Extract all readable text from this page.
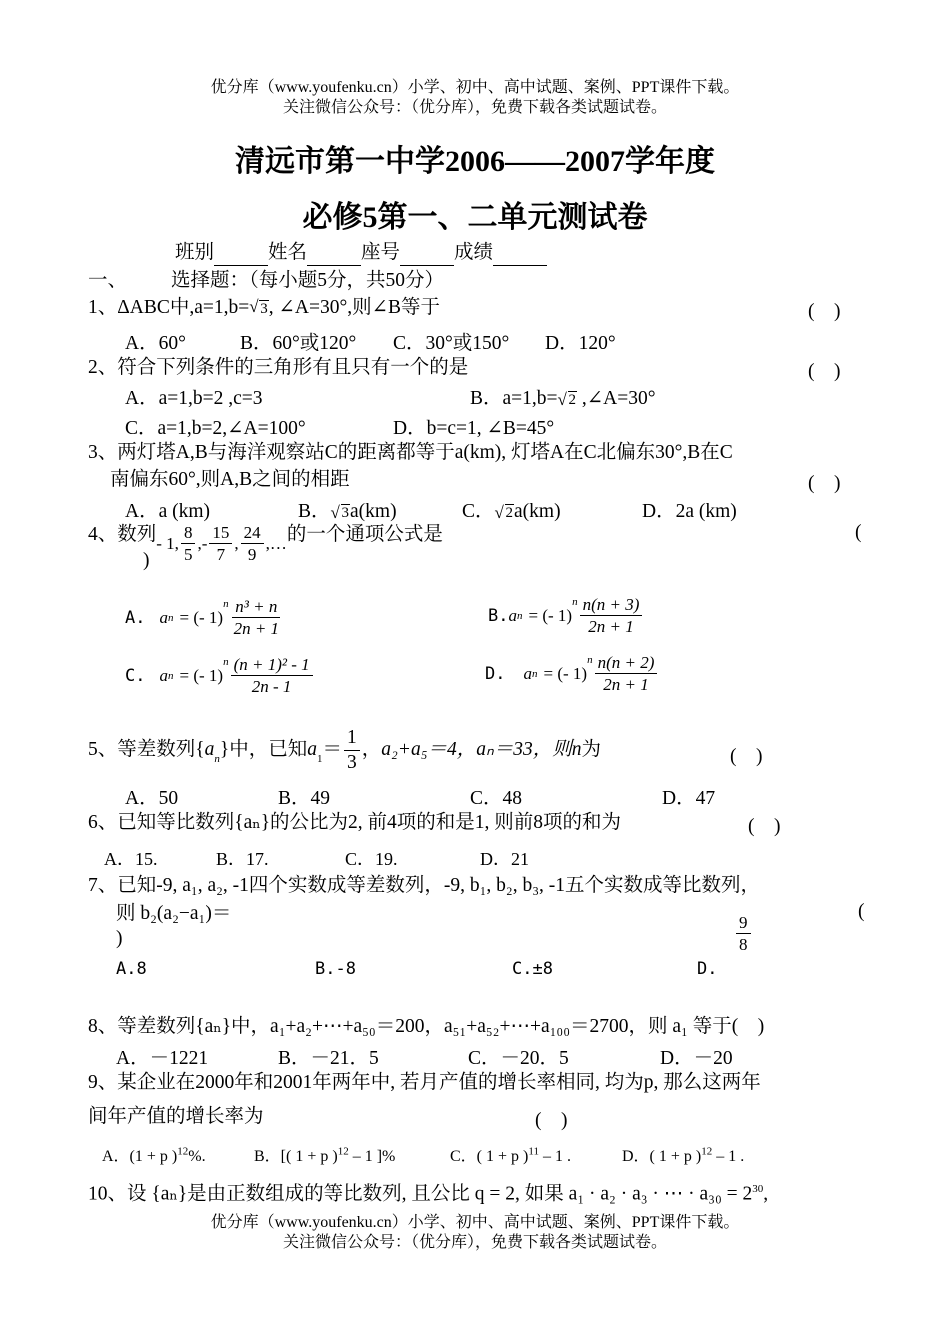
优分库（www.youfenku.cn）小学、初中、高中试题、案例、PPT课件下载。
关注微信公众号：（优分库），免费下载各类试题试卷。
清远市第一中学2006——2007学年度
必修5第一、二单元测试卷
班别	姓名	座号	成绩
一、 选择题：（每小题5分，共50分）
1、ΔABC中,a=1,b= √ 3, ∠A=30°,则∠B等于	(　)
A．60°	B．60°或120° C．30°或150° D．120°
2、符合下列条件的三角形有且只有一个的是	(　)
A．a=1,b=2 ,c=3	B．a=1,b= √ 2 ,∠A=30°
C．a=1,b=2,∠A=100°	D．b=c=1, ∠B=45°
3、两灯塔A,B与海洋观察站C的距离都等于a(km), 灯塔A在C北偏东30°,B在C
南偏东60°,则A,B之间的相距	(　)
A．a (km)	B． √ 3a(km)	C． √ 2a(km)	D．2a (km)
4、数列 - 1, $\frac{8}{5}$ ,- $\frac{15}{7}$ , $\frac{24}{9}$ ,… 的一个通项公式是	(
)
A. a n = (- 1)
$^n \frac{\text{n³ + n}}{2n + 1}$	B. a n = (- 1)
$^n \frac{n(n + 3)}{2n + 1}$
C. a n = (- 1)
$^n \frac{\text{(n + 1)² - 1}}{2n - 1}$	D. a n = (- 1)
$^n \frac{n(n + 2)}{2n + 1}$
5、等差数列{ $a_n$ }中，已知 $a_1 = \frac{1}{3}$ ， a₂+a₅＝4， aₙ＝33，则 n 为	(　)
A．50	B．49	C．48	D．47
6、已知等比数列{aₙ}的公比为2, 前4项的和是1, 则前8项的和为	(　)
A．15.	B．17.	C．19.	D．21
7、已知-9, a₁, a₂, -1四个实数成等差数列，-9, b₁, b₂, b₃, -1五个实数成等比数列，
则 b₂(a₂−a₁)＝	(
)
A.8	B.-8	C.±8	D.
$\frac{9}{8}$
8、等差数列{aₙ}中，a₁+a₂+⋯+a₅₀＝200，a₅₁+a₅₂+⋯+a₁₀₀＝2700，则 a₁ 等于(　)
A．－1221	B．－21．5	C．－20．5	D．－20
9、某企业在2000年和2001年两年中, 若月产值的增长率相同, 均为p, 那么这两年
间年产值的增长率为	(　)
A．(1 + p )$^{12}$%.	B．[( 1 + p )$^{12}$ – 1 ]%	C．( 1 + p )$^{11}$ – 1 .	D．( 1 + p )$^{12}$ – 1 .
10、设 {aₙ}是由正数组成的等比数列, 且公比 q = 2, 如果 a₁ · a₂ · a₃ · ⋯ · $a_{30} = 2^{30}$,
优分库（www.youfenku.cn）小学、初中、高中试题、案例、PPT课件下载。
关注微信公众号：（优分库），免费下载各类试题试卷。
